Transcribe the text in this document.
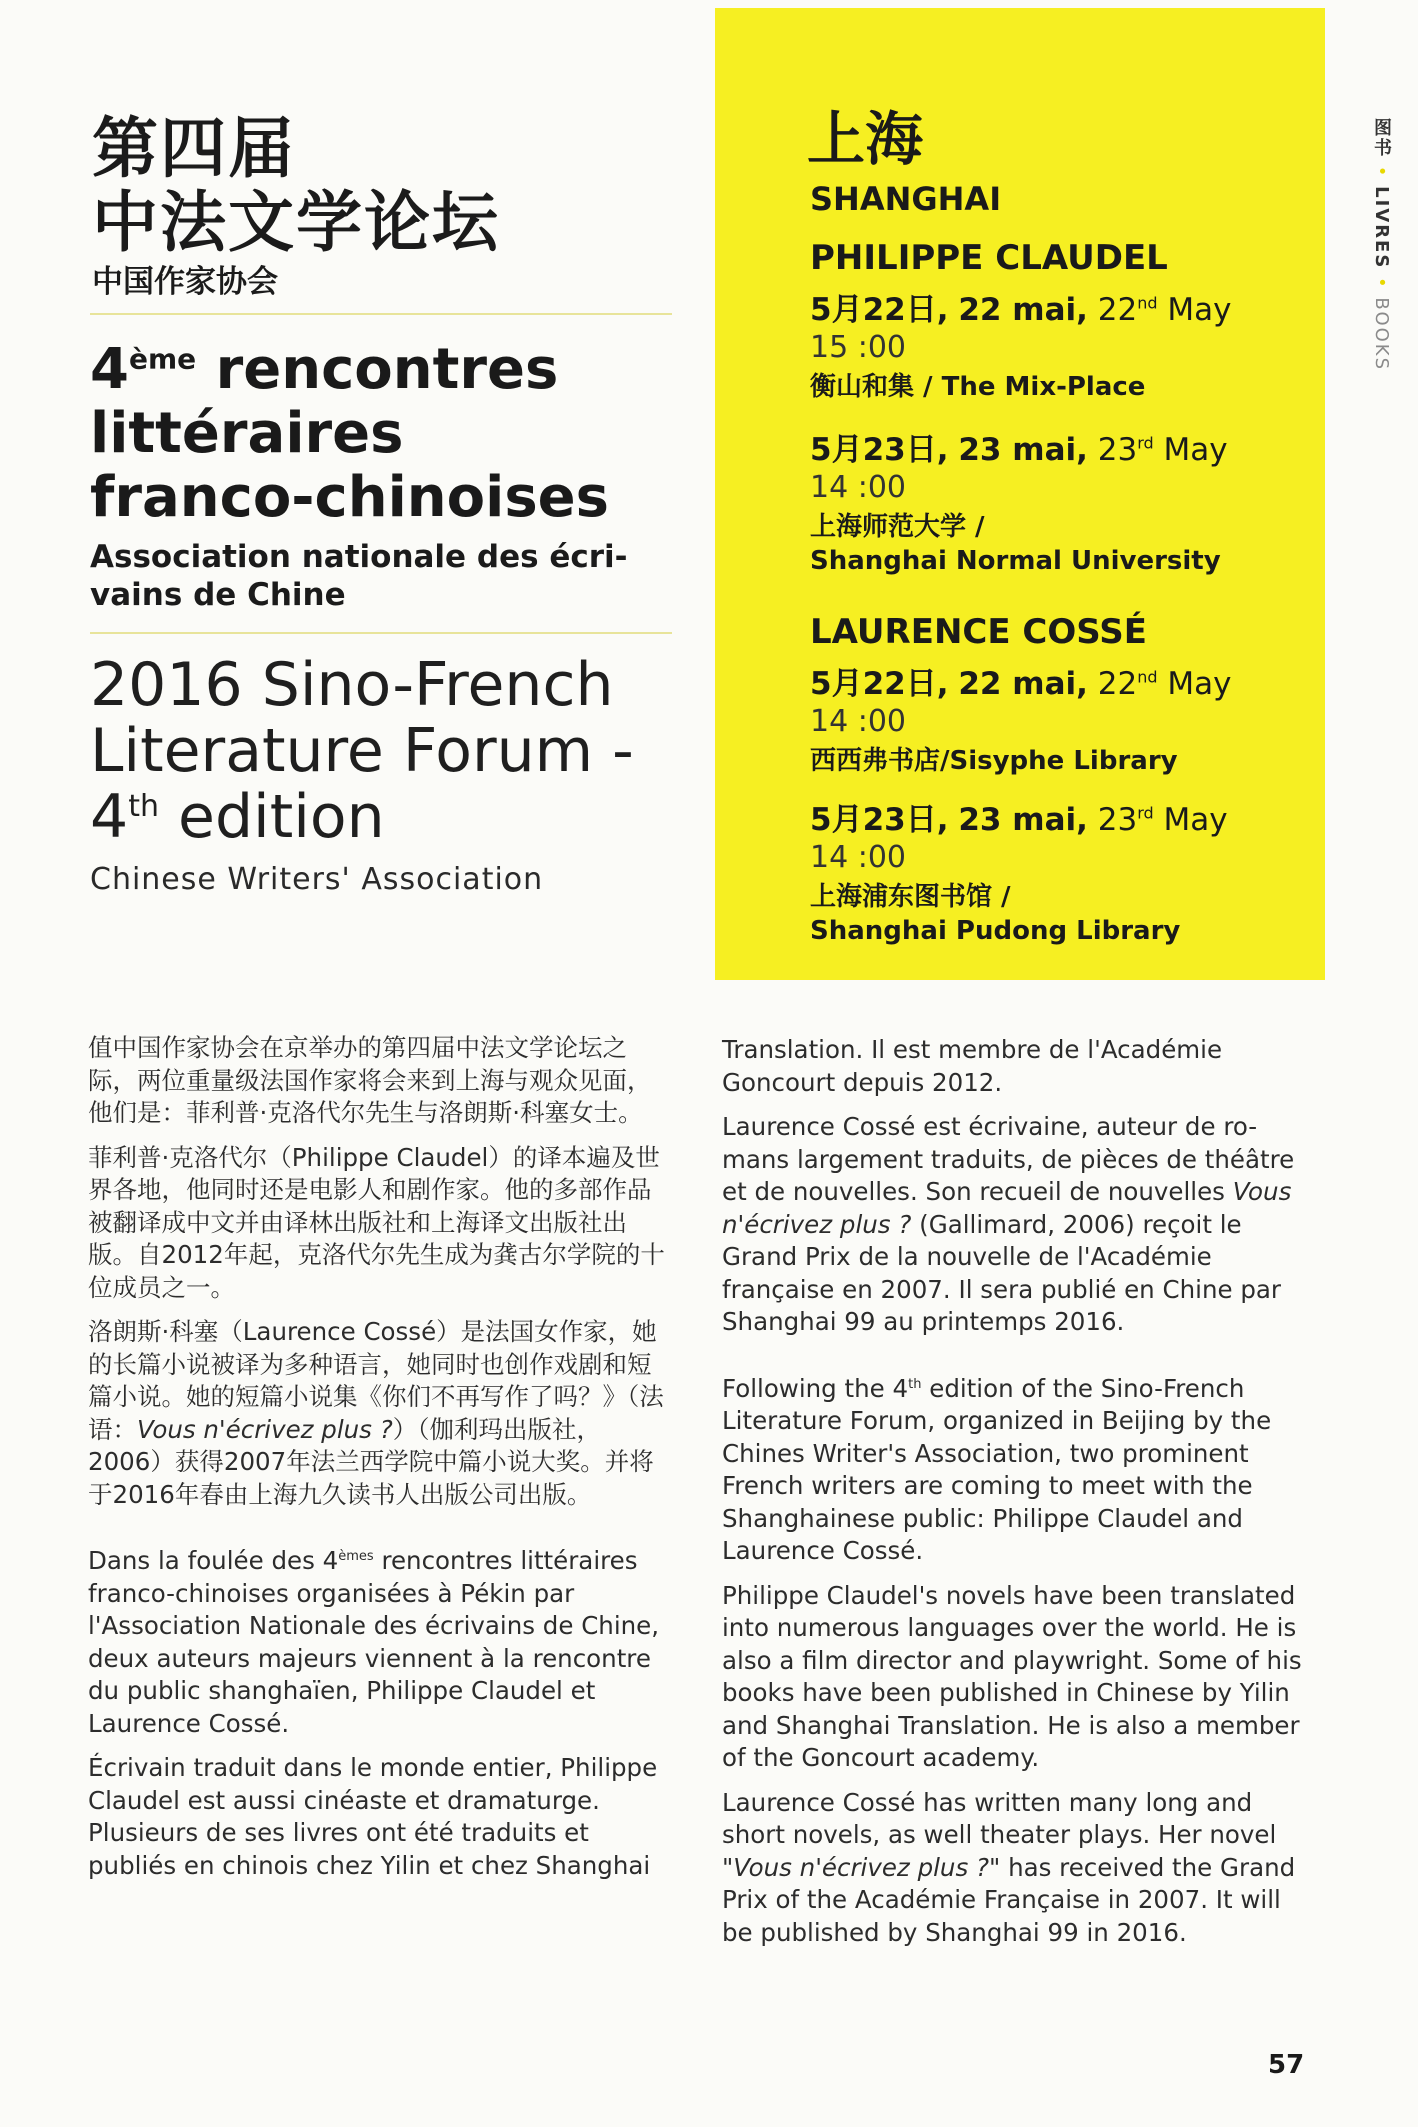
第四届
中法文学论坛
中国作家协会
4ème rencontres
littéraires
franco-chinoises
Association nationale des écri-vains de Chine
2016 Sino-French
Literature Forum -
4th edition
Chinese Writers' Association
上海
SHANGHAI
PHILIPPE CLAUDEL
5月22日, 22 mai, 22nd May
15 :00
衡山和集 / The Mix-Place
5月23日, 23 mai, 23rd May
14 :00
上海师范大学 /
Shanghai Normal University
LAURENCE COSSÉ
5月22日, 22 mai, 22nd May
14 :00
西西弗书店/Sisyphe Library
5月23日, 23 mai, 23rd May
14 :00
上海浦东图书馆 /
Shanghai Pudong Library
图书 • LIVRES • BOOKS

值中国作家协会在京举办的第四届中法文学论坛之际，两位重量级法国作家将会来到上海与观众见面，他们是：菲利普·克洛代尔先生与洛朗斯·科塞女士。

菲利普·克洛代尔（Philippe Claudel）的译本遍及世界各地，他同时还是电影人和剧作家。他的多部作品被翻译成中文并由译林出版社和上海译文出版社出版。自2012年起，克洛代尔先生成为龚古尔学院的十位成员之一。

洛朗斯·科塞（Laurence Cossé）是法国女作家，她的长篇小说被译为多种语言，她同时也创作戏剧和短篇小说。她的短篇小说集《你们不再写作了吗？》（法语：Vous n'écrivez plus ?）（伽利玛出版社，2006）获得2007年法兰西学院中篇小说大奖。并将于2016年春由上海九久读书人出版公司出版。

Dans la foulée des 4èmes rencontres littéraires franco-chinoises organisées à Pékin par l'Association Nationale des écrivains de Chine, deux auteurs majeurs viennent à la rencontre du public shanghaïen, Philippe Claudel et Laurence Cossé.

Écrivain traduit dans le monde entier, Philippe Claudel est aussi cinéaste et dramaturge. Plusieurs de ses livres ont été traduits et publiés en chinois chez Yilin et chez Shanghai

Translation. Il est membre de l'Académie Goncourt depuis 2012.

Laurence Cossé est écrivaine, auteur de ro-mans largement traduits, de pièces de théâtre et de nouvelles. Son recueil de nouvelles Vous n'écrivez plus ? (Gallimard, 2006) reçoit le Grand Prix de la nouvelle de l'Académie française en 2007. Il sera publié en Chine par Shanghai 99 au printemps 2016.

Following the 4th edition of the Sino-French Literature Forum, organized in Beijing by the Chines Writer's Association, two prominent French writers are coming to meet with the Shanghainese public: Philippe Claudel and Laurence Cossé.

Philippe Claudel's novels have been translated into numerous languages over the world. He is also a film director and playwright. Some of his books have been published in Chinese by Yilin and Shanghai Translation. He is also a member of the Goncourt academy.

Laurence Cossé has written many long and short novels, as well theater plays. Her novel "Vous n'écrivez plus ?" has received the Grand Prix of the Académie Française in 2007. It will be published by Shanghai 99 in 2016.

57
